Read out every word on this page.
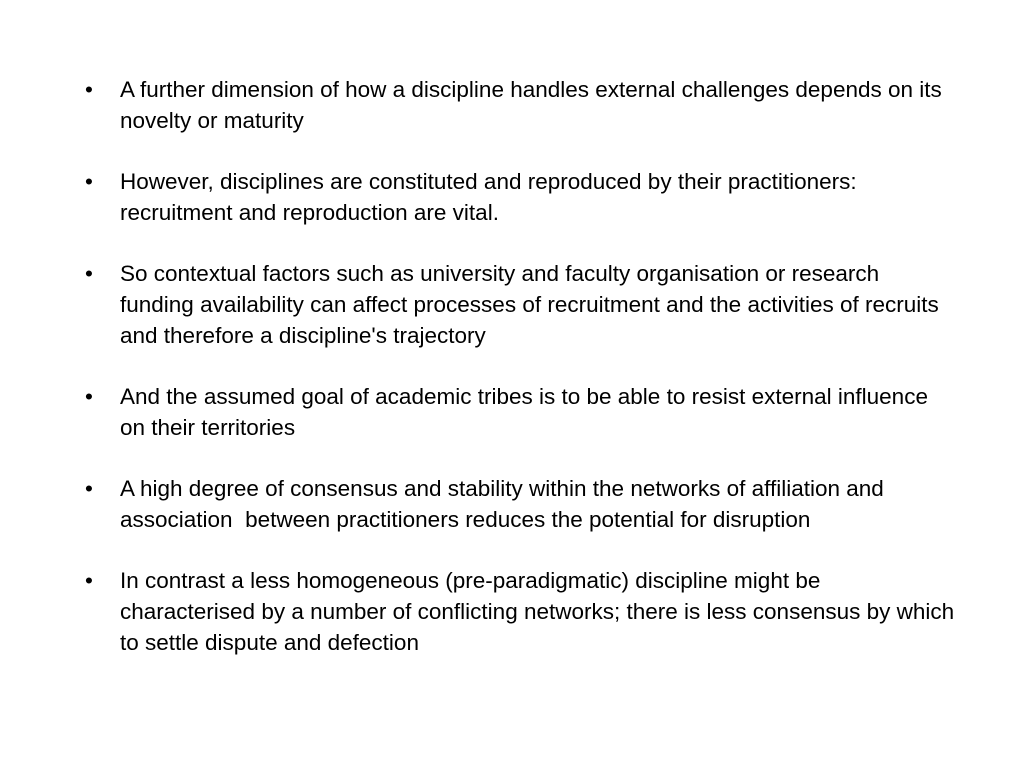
•	A further dimension of how a discipline handles external challenges depends on its novelty or maturity
•	However, disciplines are constituted and reproduced by their practitioners: recruitment and reproduction are vital.
•	So contextual factors such as university and faculty organisation or research funding availability can affect processes of recruitment and the activities of recruits and therefore a discipline's trajectory
•	And the assumed goal of academic tribes is to be able to resist external influence on their territories
•	A high degree of consensus and stability within the networks of affiliation and association  between practitioners reduces the potential for disruption
•	In contrast a less homogeneous (pre-paradigmatic) discipline might be characterised by a number of conflicting networks; there is less consensus by which to settle dispute and defection
